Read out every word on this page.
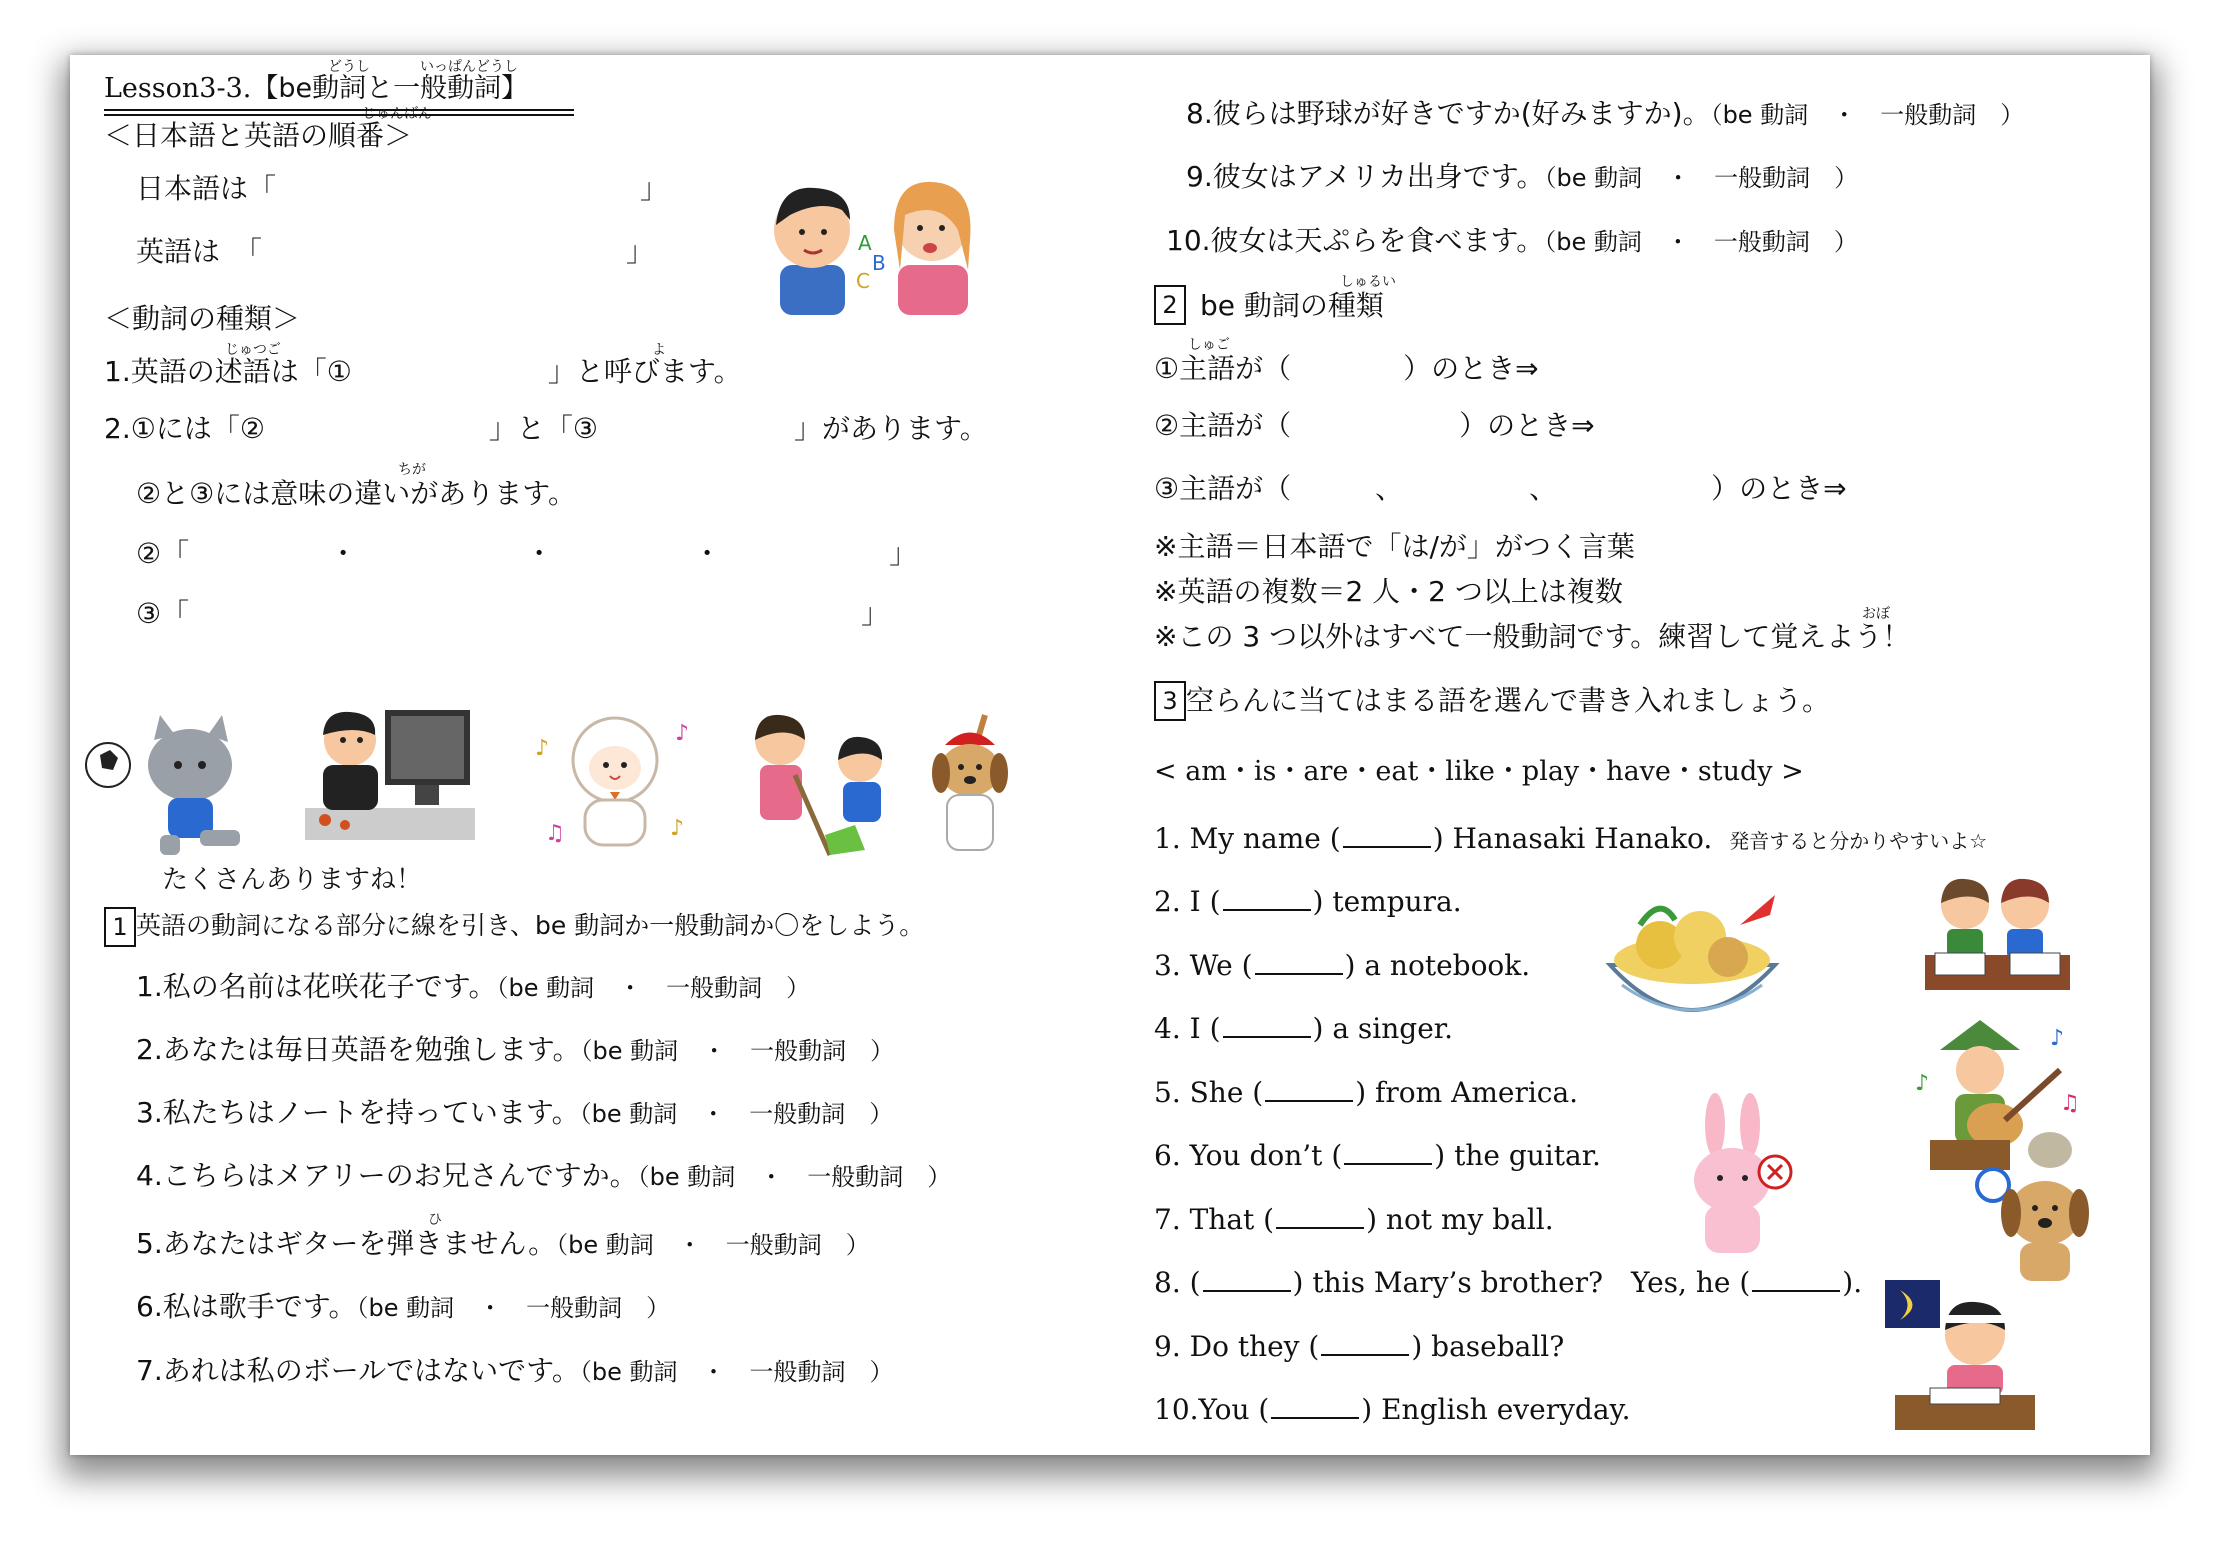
どうし	いっぱんどうし
Lesson3-3.【be動詞と一般動詞】
じゅんばん
＜日本語と英語の順番＞
日本語は「　　　　　　　　　　　　　」
英語は　「　　　　　　　　　　　　　」	A
B
C
＜動詞の種類＞
じゅつご	よ
1.英語の述語は「①　　　　　　　」と呼びます。
2.①には「②　　　　　　　　」と「③　　　　　　　」があります。
ちが
②と③には意味の違いがあります。
②「　　　　　・　　　　　　・　　　　　・　　　　　　」
③「　　　　　　　　　　　　　　　　　　　　　　　　」
♪
♪
♫	♪
たくさんありますね！
1 英語の動詞になる部分に線を引き、be 動詞か一般動詞か〇をしよう。
1.私の名前は花咲花子です。（be 動詞　・　一般動詞　）
2.あなたは毎日英語を勉強します。（be 動詞　・　一般動詞　）
3.私たちはノートを持っています。（be 動詞　・　一般動詞　）
4.こちらはメアリーのお兄さんですか。（be 動詞　・　一般動詞　）
ひ
5.あなたはギターを弾きません。（be 動詞　・　一般動詞　）
6.私は歌手です。（be 動詞　・　一般動詞　）
7.あれは私のボールではないです。（be 動詞　・　一般動詞　）
8.彼らは野球が好きですか(好みますか)。（be 動詞　・　一般動詞　）
9.彼女はアメリカ出身です。（be 動詞　・　一般動詞　）
10.彼女は天ぷらを食べます。（be 動詞　・　一般動詞　）
2
しゅるい
be 動詞の種類
しゅご
①主語が（　　　　）のとき⇒
②主語が（　　　　　　）のとき⇒
③主語が（　　　、　　　　　、　　　　　　）のとき⇒
※主語＝日本語で「は/が」がつく言葉
※英語の複数＝2 人・2 つ以上は複数
おぼ
※この 3 つ以外はすべて一般動詞です。練習して覚えよう！
3 空らんに当てはまる語を選んで書き入れましょう。
< am・is・are・eat・like・play・have・study >
1. My name (	) Hanasaki Hanako. 発音すると分かりやすいよ☆
2. I (	) tempura.
3. We (	) a notebook.
4. I (	) a singer.
5. She (	) from America.
6. You don’t (	) the guitar.
7. That (	) not my ball.
8. (	) this Mary’s brother?　Yes, he (	).
9. Do they (	) baseball?
10.You (	) English everyday.
♪
♪
♫
